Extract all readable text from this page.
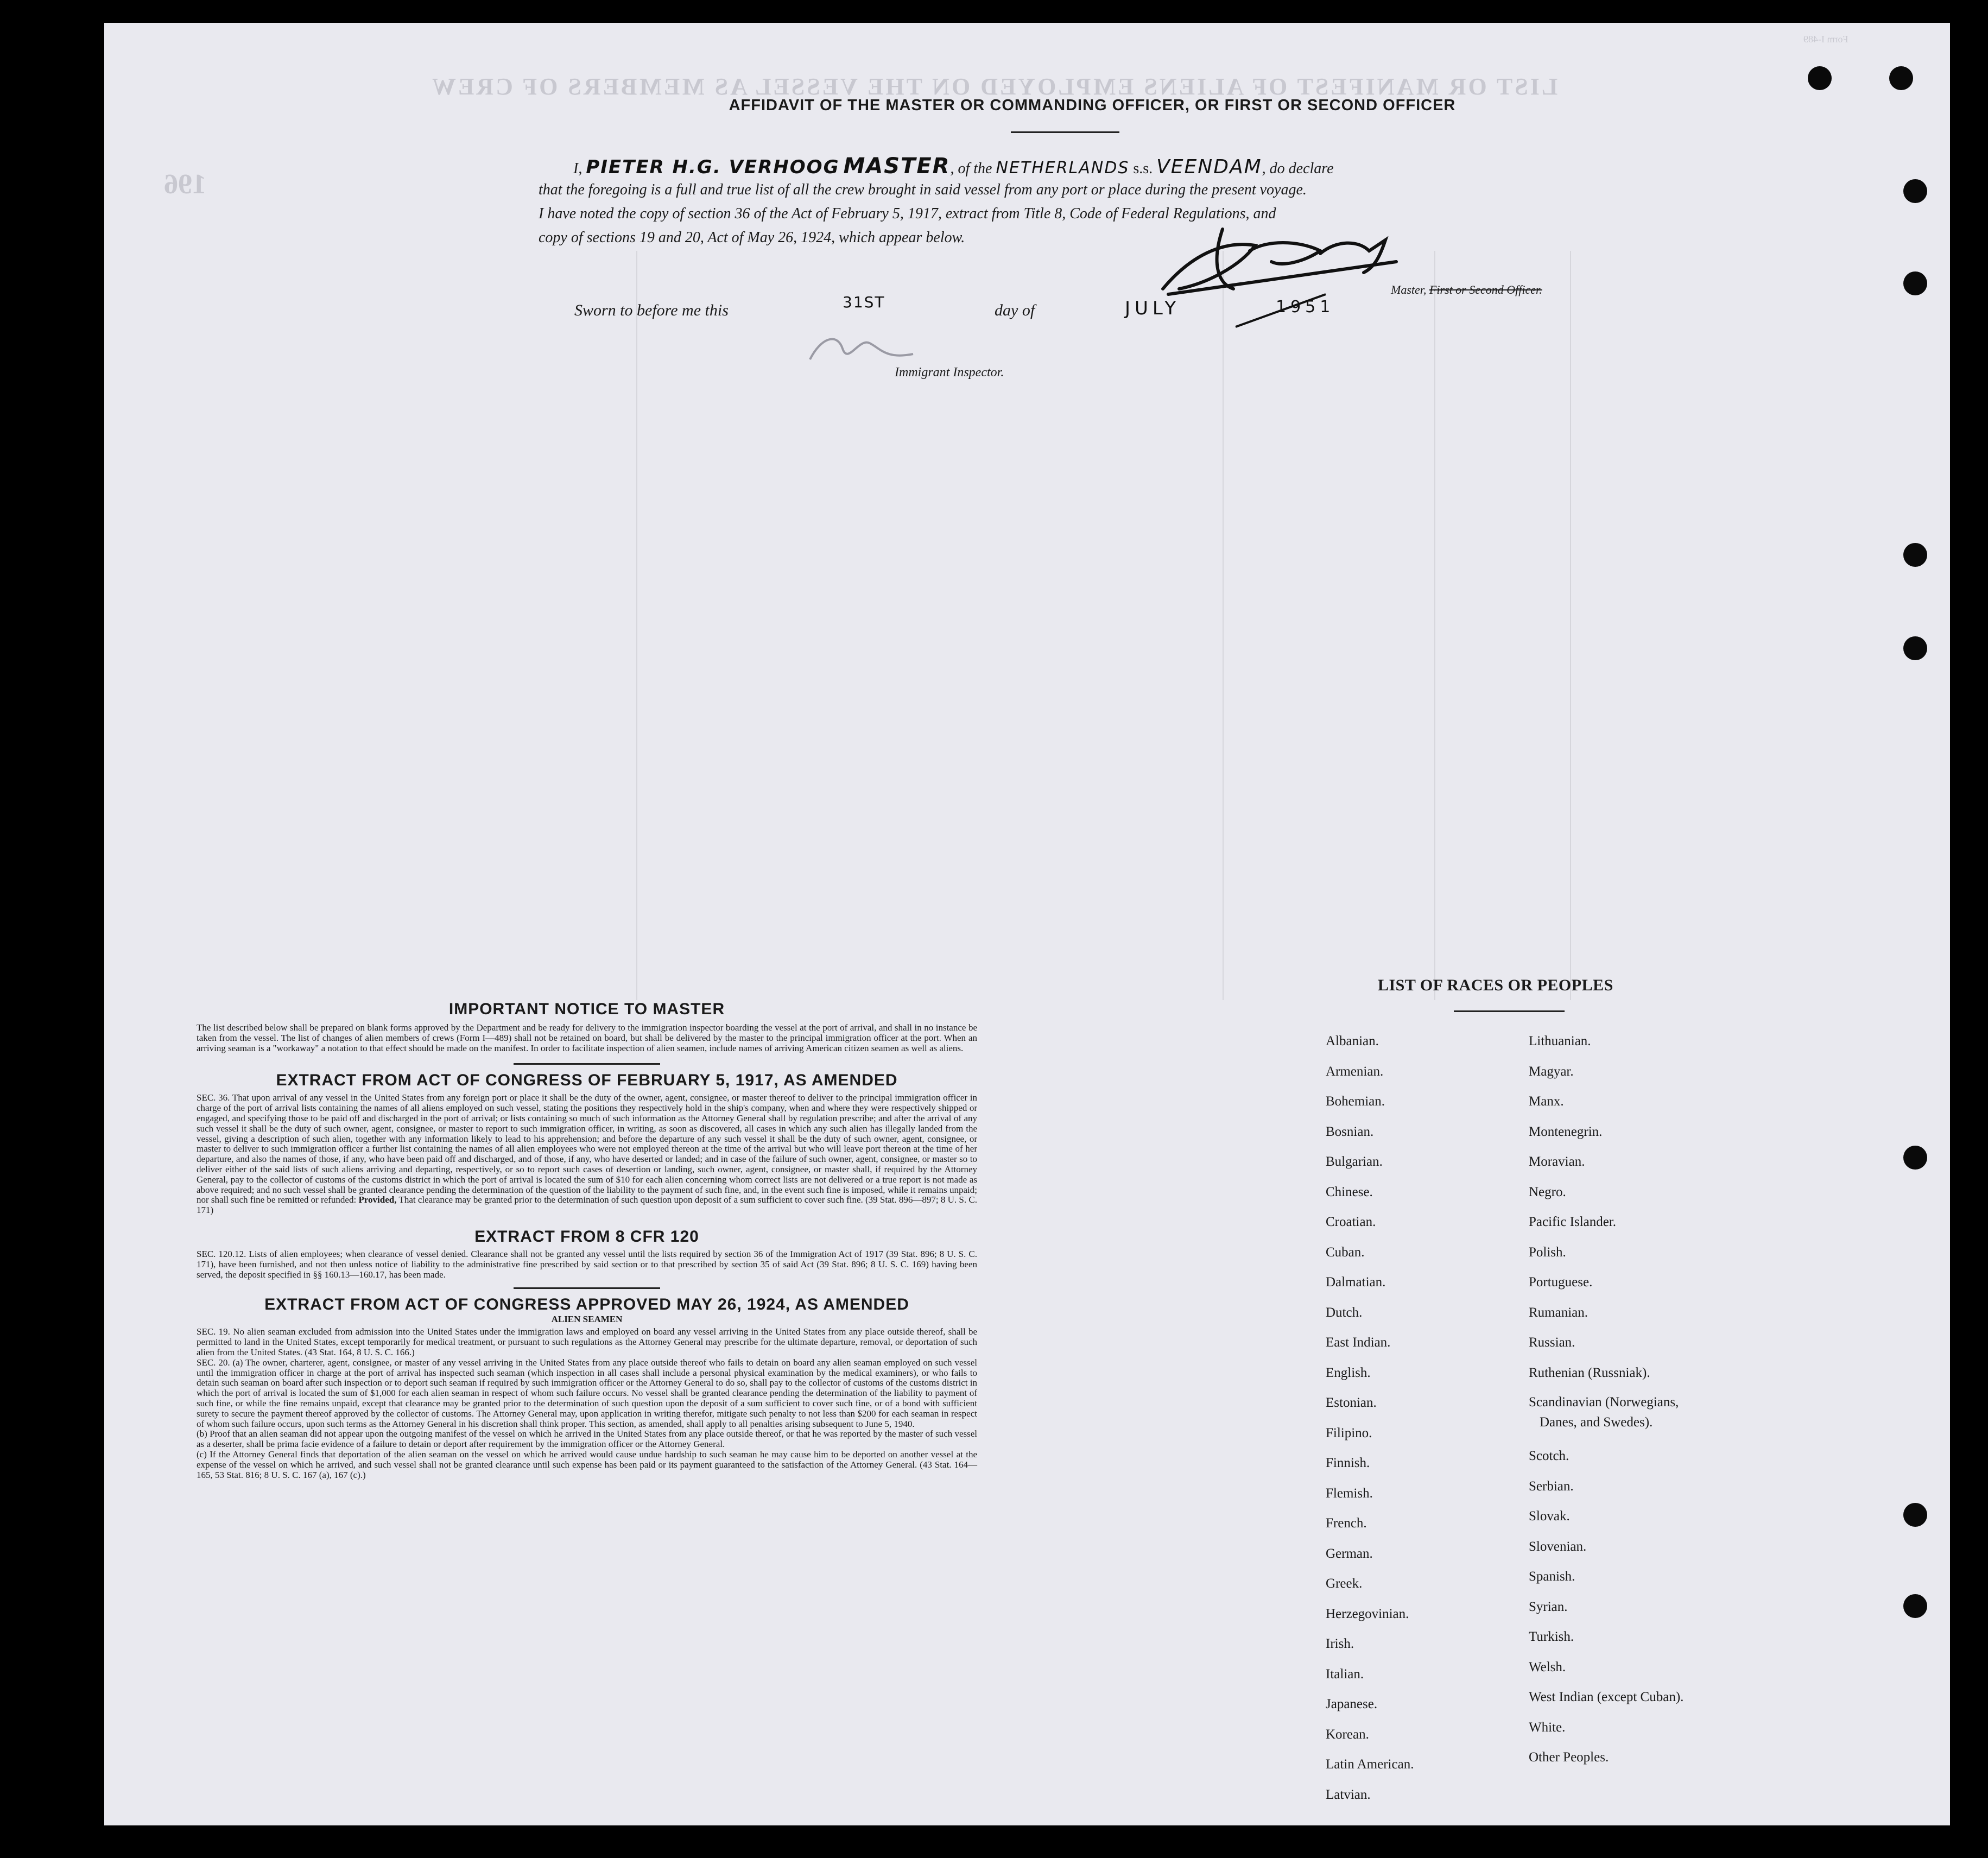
LIST OR MANIFEST OF ALIENS EMPLOYED ON THE VESSEL AS MEMBERS OF CREW
196
Form I-489
AFFIDAVIT OF THE MASTER OR COMMANDING OFFICER, OR FIRST OR SECOND OFFICER
I, PIETER H.G. VERHOOG MASTER, of the NETHERLANDS s.s. VEENDAM, do declare
that the foregoing is a full and true list of all the crew brought in said vessel from any port or place during the present voyage.
I have noted the copy of section 36 of the Act of February 5, 1917, extract from Title 8, Code of Federal Regulations, and
copy of sections 19 and 20, Act of May 26, 1924, which appear below.
Master, First or Second Officer.
Sworn to before me this	31ST	day of	JULY	1951
Immigrant Inspector.
IMPORTANT NOTICE TO MASTER

The list described below shall be prepared on blank forms approved by the Department and be ready for delivery to the immigration inspector boarding the vessel at the port of arrival, and shall in no instance be taken from the vessel. The list of changes of alien members of crews (Form I—489) shall not be retained on board, but shall be delivered by the master to the principal immigration officer at the port. When an arriving seaman is a "workaway" a notation to that effect should be made on the manifest. In order to facilitate inspection of alien seamen, include names of arriving American citizen seamen as well as aliens.

EXTRACT FROM ACT OF CONGRESS OF FEBRUARY 5, 1917, AS AMENDED

SEC. 36. That upon arrival of any vessel in the United States from any foreign port or place it shall be the duty of the owner, agent, consignee, or master thereof to deliver to the principal immigration officer in charge of the port of arrival lists containing the names of all aliens employed on such vessel, stating the positions they respectively hold in the ship's company, when and where they were respectively shipped or engaged, and specifying those to be paid off and discharged in the port of arrival; or lists containing so much of such information as the Attorney General shall by regulation prescribe; and after the arrival of any such vessel it shall be the duty of such owner, agent, consignee, or master to report to such immigration officer, in writing, as soon as discovered, all cases in which any such alien has illegally landed from the vessel, giving a description of such alien, together with any information likely to lead to his apprehension; and before the departure of any such vessel it shall be the duty of such owner, agent, consignee, or master to deliver to such immigration officer a further list containing the names of all alien employees who were not employed thereon at the time of the arrival but who will leave port thereon at the time of her departure, and also the names of those, if any, who have been paid off and discharged, and of those, if any, who have deserted or landed; and in case of the failure of such owner, agent, consignee, or master so to deliver either of the said lists of such aliens arriving and departing, respectively, or so to report such cases of desertion or landing, such owner, agent, consignee, or master shall, if required by the Attorney General, pay to the collector of customs of the customs district in which the port of arrival is located the sum of $10 for each alien concerning whom correct lists are not delivered or a true report is not made as above required; and no such vessel shall be granted clearance pending the determination of the question of the liability to the payment of such fine, and, in the event such fine is imposed, while it remains unpaid; nor shall such fine be remitted or refunded: Provided, That clearance may be granted prior to the determination of such question upon deposit of a sum sufficient to cover such fine. (39 Stat. 896—897; 8 U. S. C. 171)

EXTRACT FROM 8 CFR 120

SEC. 120.12. Lists of alien employees; when clearance of vessel denied. Clearance shall not be granted any vessel until the lists required by section 36 of the Immigration Act of 1917 (39 Stat. 896; 8 U. S. C. 171), have been furnished, and not then unless notice of liability to the administrative fine prescribed by said section or to that prescribed by section 35 of said Act (39 Stat. 896; 8 U. S. C. 169) having been served, the deposit specified in §§ 160.13—160.17, has been made.

EXTRACT FROM ACT OF CONGRESS APPROVED MAY 26, 1924, AS AMENDED
ALIEN SEAMEN

SEC. 19. No alien seaman excluded from admission into the United States under the immigration laws and employed on board any vessel arriving in the United States from any place outside thereof, shall be permitted to land in the United States, except temporarily for medical treatment, or pursuant to such regulations as the Attorney General may prescribe for the ultimate departure, removal, or deportation of such alien from the United States. (43 Stat. 164, 8 U. S. C. 166.)

SEC. 20. (a) The owner, charterer, agent, consignee, or master of any vessel arriving in the United States from any place outside thereof who fails to detain on board any alien seaman employed on such vessel until the immigration officer in charge at the port of arrival has inspected such seaman (which inspection in all cases shall include a personal physical examination by the medical examiners), or who fails to detain such seaman on board after such inspection or to deport such seaman if required by such immigration officer or the Attorney General to do so, shall pay to the collector of customs of the customs district in which the port of arrival is located the sum of $1,000 for each alien seaman in respect of whom such failure occurs. No vessel shall be granted clearance pending the determination of the liability to payment of such fine, or while the fine remains unpaid, except that clearance may be granted prior to the determination of such question upon the deposit of a sum sufficient to cover such fine, or of a bond with sufficient surety to secure the payment thereof approved by the collector of customs. The Attorney General may, upon application in writing therefor, mitigate such penalty to not less than $200 for each seaman in respect of whom such failure occurs, upon such terms as the Attorney General in his discretion shall think proper. This section, as amended, shall apply to all penalties arising subsequent to June 5, 1940.

(b) Proof that an alien seaman did not appear upon the outgoing manifest of the vessel on which he arrived in the United States from any place outside thereof, or that he was reported by the master of such vessel as a deserter, shall be prima facie evidence of a failure to detain or deport after requirement by the immigration officer or the Attorney General.

(c) If the Attorney General finds that deportation of the alien seaman on the vessel on which he arrived would cause undue hardship to such seaman he may cause him to be deported on another vessel at the expense of the vessel on which he arrived, and such vessel shall not be granted clearance until such expense has been paid or its payment guaranteed to the satisfaction of the Attorney General. (43 Stat. 164—165, 53 Stat. 816; 8 U. S. C. 167 (a), 167 (c).)

LIST OF RACES OR PEOPLES
Albanian.
Armenian.
Bohemian.
Bosnian.
Bulgarian.
Chinese.
Croatian.
Cuban.
Dalmatian.
Dutch.
East Indian.
English.
Estonian.
Filipino.
Finnish.
Flemish.
French.
German.
Greek.
Herzegovinian.
Irish.
Italian.
Japanese.
Korean.
Latin American.
Latvian.
Lithuanian.
Magyar.
Manx.
Montenegrin.
Moravian.
Negro.
Pacific Islander.
Polish.
Portuguese.
Rumanian.
Russian.
Ruthenian (Russniak).
Scandinavian (Norwegians,
Danes, and Swedes).
Scotch.
Serbian.
Slovak.
Slovenian.
Spanish.
Syrian.
Turkish.
Welsh.
West Indian (except Cuban).
White.
Other Peoples.
